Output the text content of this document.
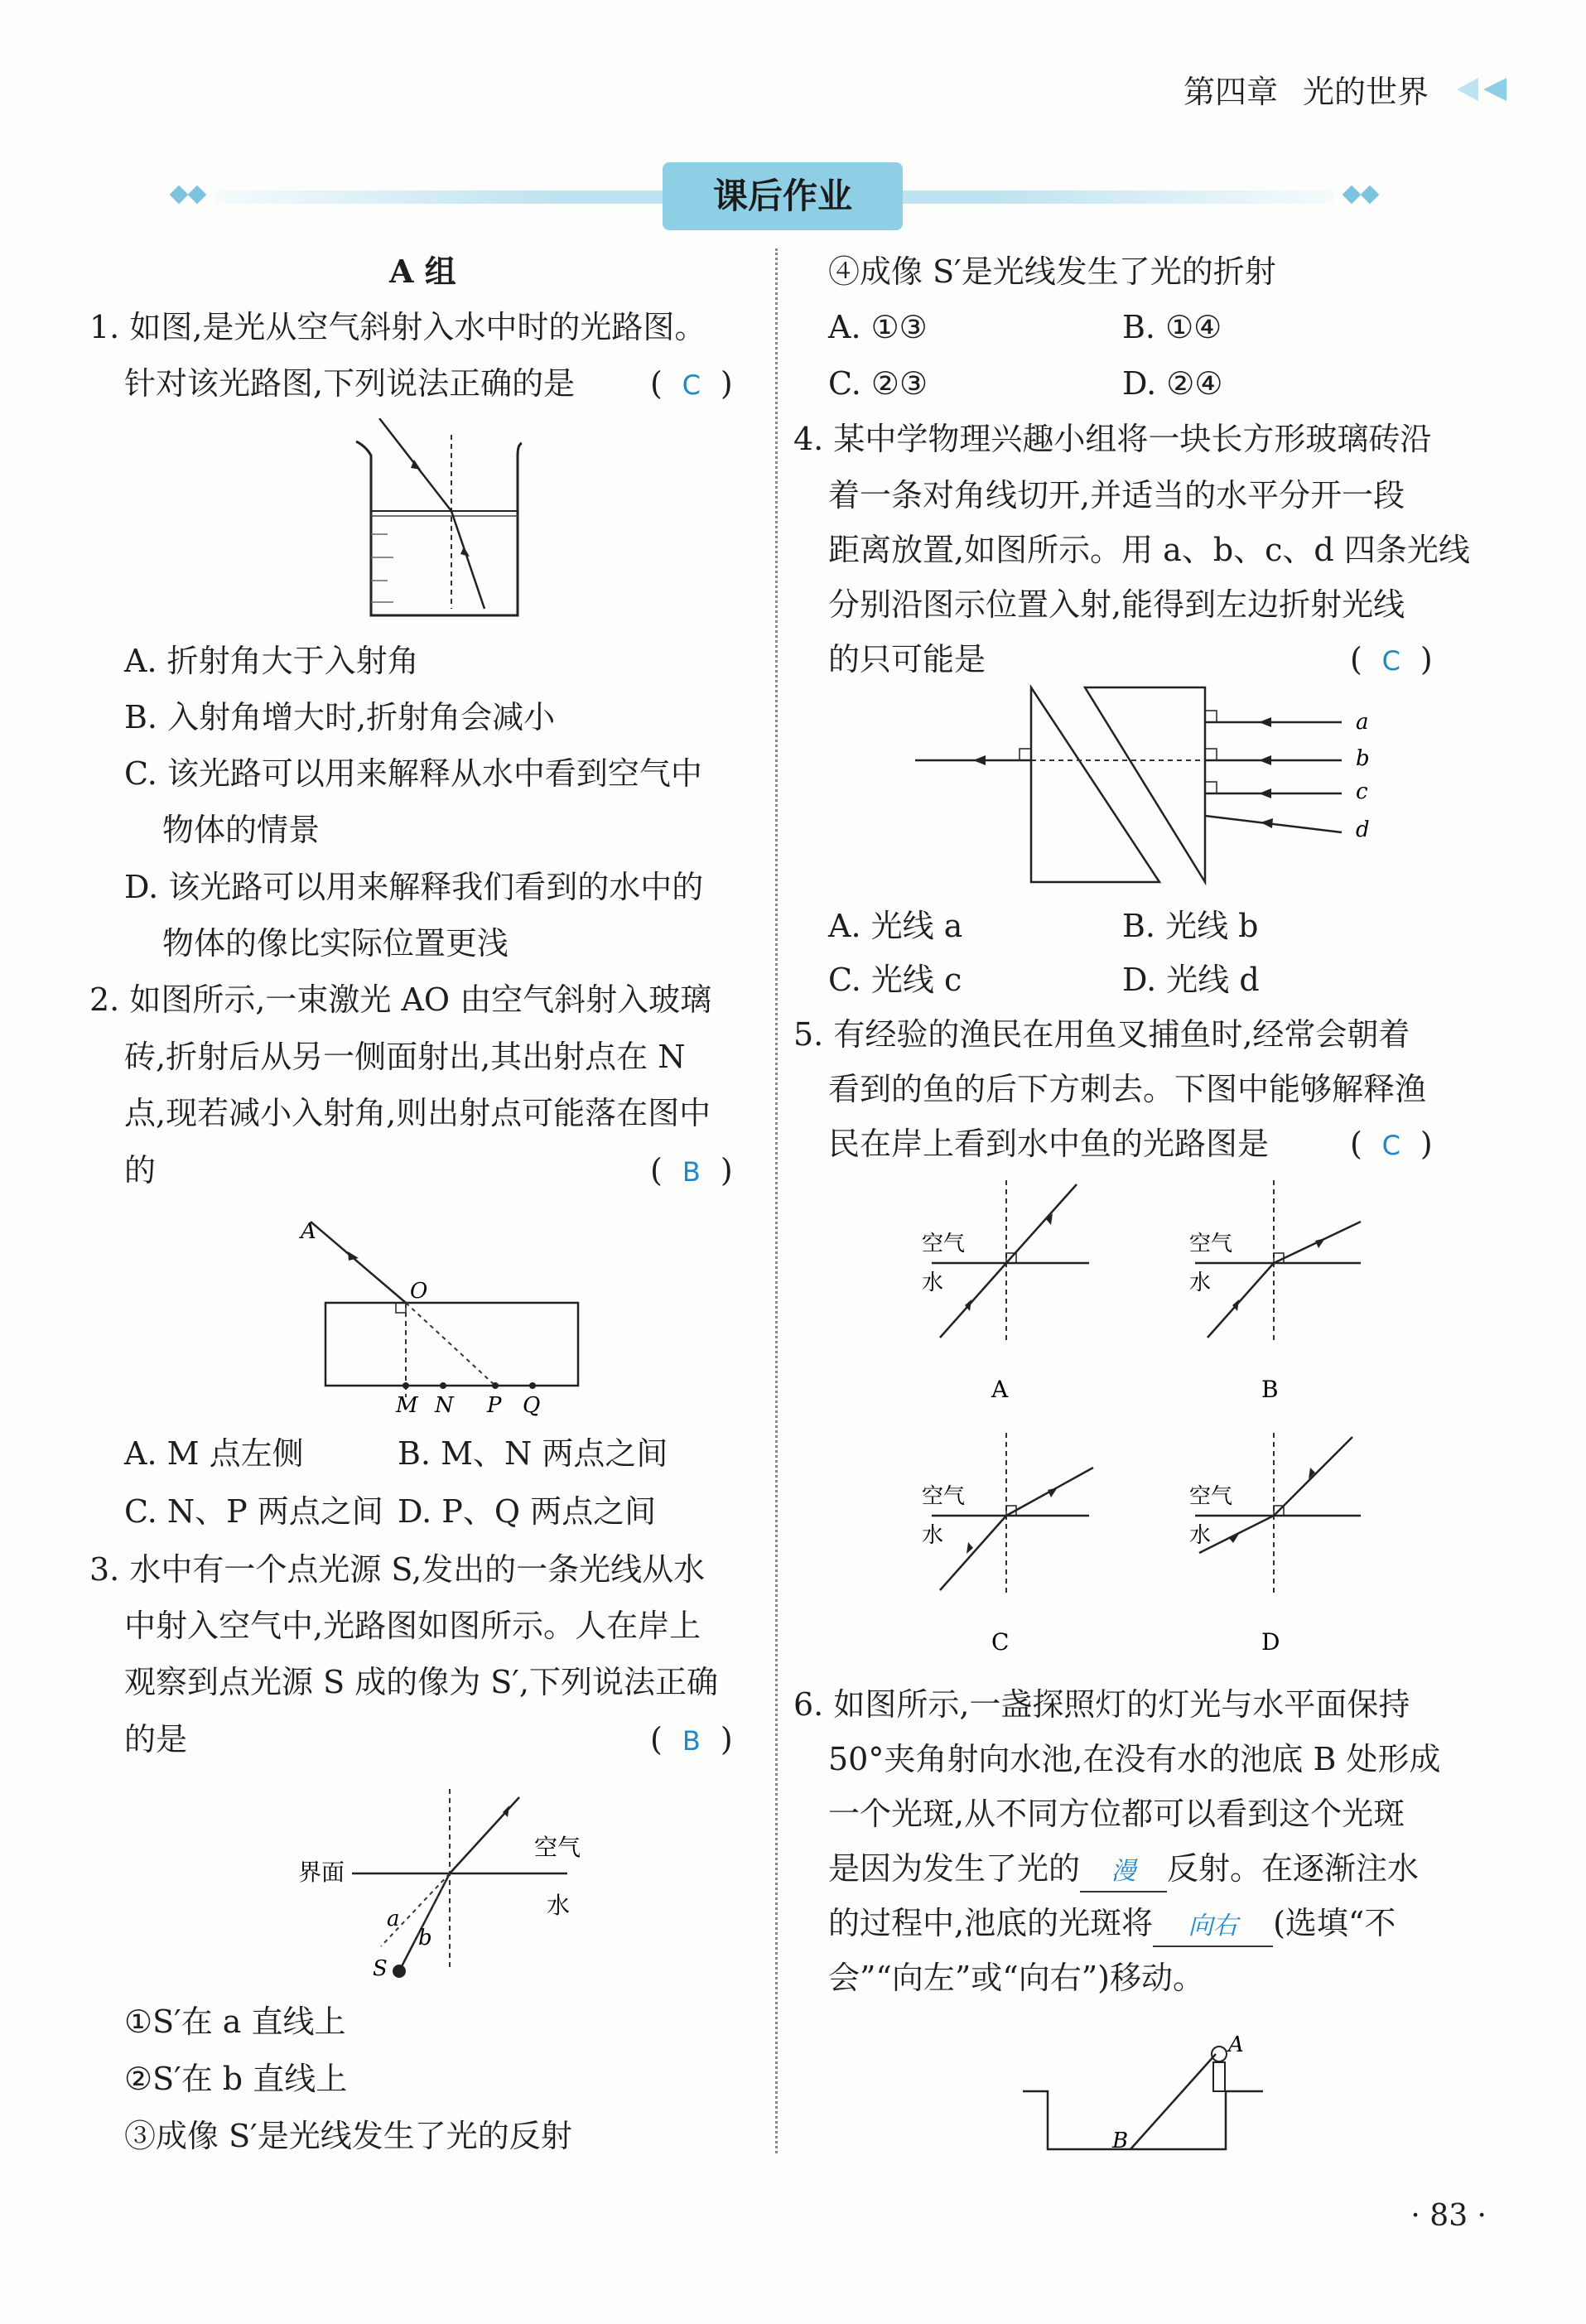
第四章 光的世界
课后作业
A 组
1. 如图,是光从空气斜射入水中时的光路图。
针对该光路图,下列说法正确的是 ( C )
A. 折射角大于入射角
B. 入射角增大时,折射角会减小
C. 该光路可以用来解释从水中看到空气中
物体的情景
D. 该光路可以用来解释我们看到的水中的
物体的像比实际位置更浅
2. 如图所示,一束激光 AO 由空气斜射入玻璃
砖,折射后从另一侧面射出,其出射点在 N
点,现若减小入射角,则出射点可能落在图中
的	( B )
A
O
M N P Q
A. M 点左侧	B. M、N 两点之间
C. N、P 两点之间 D. P、Q 两点之间
3. 水中有一个点光源 S,发出的一条光线从水
中射入空气中,光路图如图所示。人在岸上
观察到点光源 S 成的像为 S′,下列说法正确
的是	( B )
界面
空气
水
a
b
S
①S′在 a 直线上
②S′在 b 直线上
③成像 S′是光线发生了光的反射
④成像 S′是光线发生了光的折射
A. ①③	B. ①④
C. ②③	D. ②④
4. 某中学物理兴趣小组将一块长方形玻璃砖沿
着一条对角线切开,并适当的水平分开一段
距离放置,如图所示。用 a、b、c、d 四条光线
分别沿图示位置入射,能得到左边折射光线
的只可能是	( C )
a
b
c
d
A. 光线 a	B. 光线 b
C. 光线 c	D. 光线 d
5. 有经验的渔民在用鱼叉捕鱼时,经常会朝着
看到的鱼的后下方刺去。下图中能够解释渔
民在岸上看到水中鱼的光路图是	( C )
空气
水
A
空气
水
B
空气
水
C
空气
水
D
6. 如图所示,一盏探照灯的灯光与水平面保持
50°夹角射向水池,在没有水的池底 B 处形成
一个光斑,从不同方位都可以看到这个光斑
是因为发生了光的 漫 反射。在逐渐注水
的过程中,池底的光斑将 向右 (选填“不
会”“向左”或“向右”)移动。
A
B
· 83 ·
